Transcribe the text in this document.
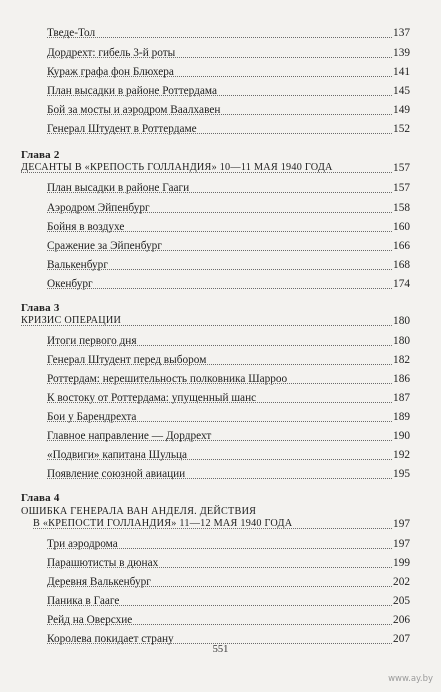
Тведе-Тол	137
Дордрехт: гибель 3-й роты	139
Кураж графа фон Блюхера	141
План высадки в районе Роттердама	145
Бой за мосты и аэродром Ваалхавен	149
Генерал Штудент в Роттердаме	152
Глава 2
ДЕСАНТЫ В «КРЕПОСТЬ ГОЛЛАНДИЯ» 10—11 МАЯ 1940 ГОДА	157
План высадки в районе Гааги	157
Аэродром Эйпенбург	158
Бойня в воздухе	160
Сражение за Эйпенбург	166
Валькенбург	168
Окенбург	174
Глава 3
КРИЗИС ОПЕРАЦИИ	180
Итоги первого дня	180
Генерал Штудент перед выбором	182
Роттердам: нерешительность полковника Шарроо	186
К востоку от Роттердама: упущенный шанс	187
Бои у Барендрехта	189
Главное направление — Дордрехт	190
«Подвиги» капитана Шульца	192
Появление союзной авиации	195
Глава 4
ОШИБКА ГЕНЕРАЛА ВАН АНДЕЛЯ. ДЕЙСТВИЯ
В «КРЕПОСТИ ГОЛЛАНДИЯ» 11—12 МАЯ 1940 ГОДА	197
Три аэродрома	197
Парашютисты в дюнах	199
Деревня Валькенбург	202
Паника в Гааге	205
Рейд на Оверсхие	206
Королева покидает страну	207
551
www.ay.by
